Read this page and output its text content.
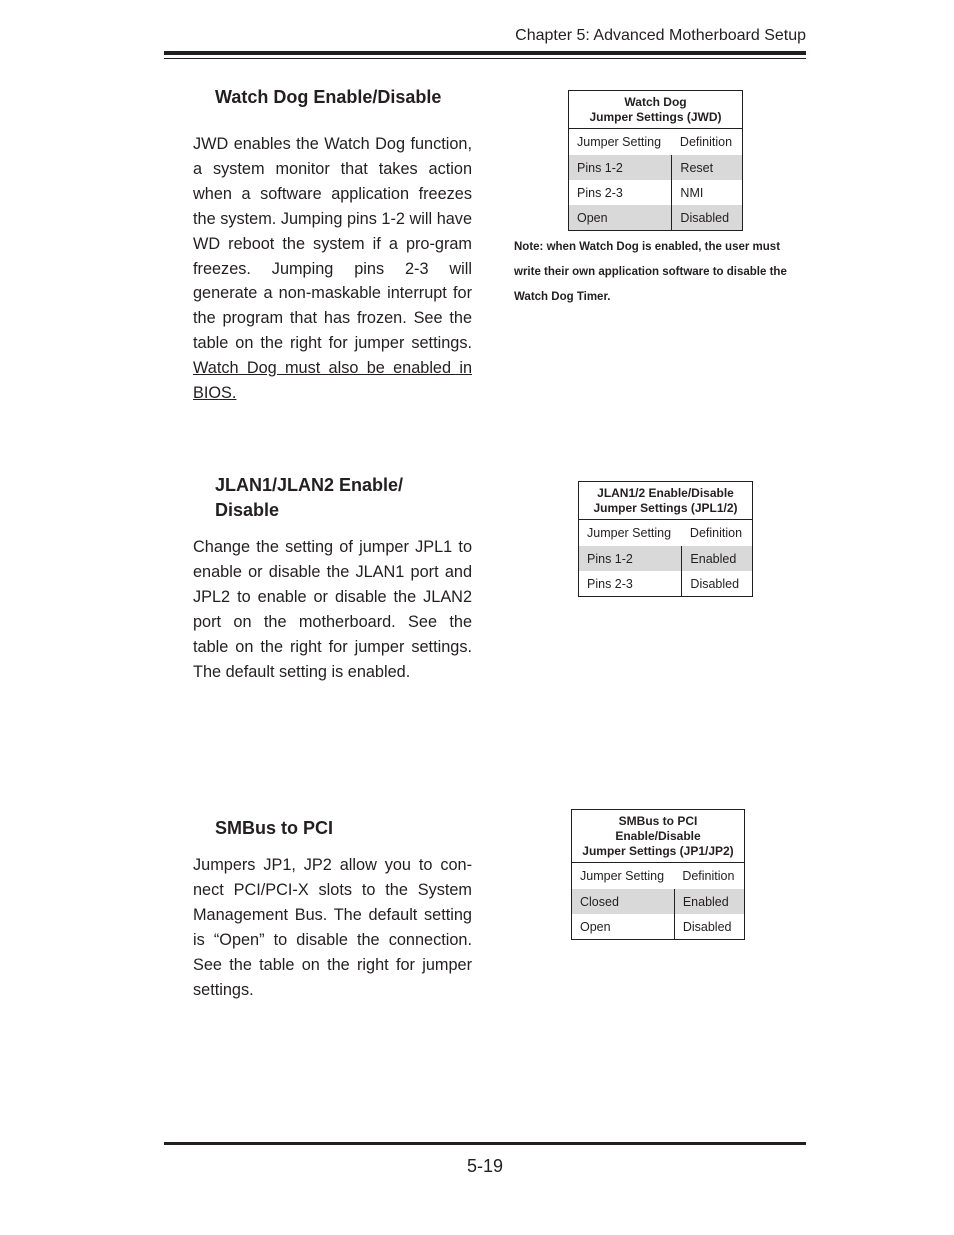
Chapter 5: Advanced Motherboard Setup
Watch Dog Enable/Disable

JWD enables the Watch Dog function, a system monitor that takes action when a software application freezes the system. Jumping pins 1-2 will have WD reboot the system if a pro-gram freezes. Jumping pins 2-3 will generate a non-maskable interrupt for the program that has frozen. See the table on the right for jumper settings. Watch Dog must also be enabled in BIOS.

Watch Dog
Jumper Settings (JWD)	

Jumper Setting	Definition
Pins 1-2	Reset
Pins 2-3	NMI
Open	Disabled
Note: when Watch Dog is enabled, the user must
write their own application software to disable the
Watch Dog Timer.
JLAN1/JLAN2 Enable/
Disable

Change the setting of jumper JPL1 to enable or disable the JLAN1 port and JPL2 to enable or disable the JLAN2 port on the motherboard. See the table on the right for jumper settings. The default setting is enabled.

JLAN1/2 Enable/Disable
Jumper Settings (JPL1/2)	

Jumper Setting	Definition
Pins 1-2	Enabled
Pins 2-3	Disabled
SMBus to PCI

Jumpers JP1, JP2 allow you to con-nect PCI/PCI-X slots to the System Management Bus. The default setting is “Open” to disable the connection. See the table on the right for jumper settings.

SMBus to PCI
Enable/Disable
Jumper Settings (JP1/JP2)	

Jumper Setting	Definition
Closed	Enabled
Open	Disabled
5-19
